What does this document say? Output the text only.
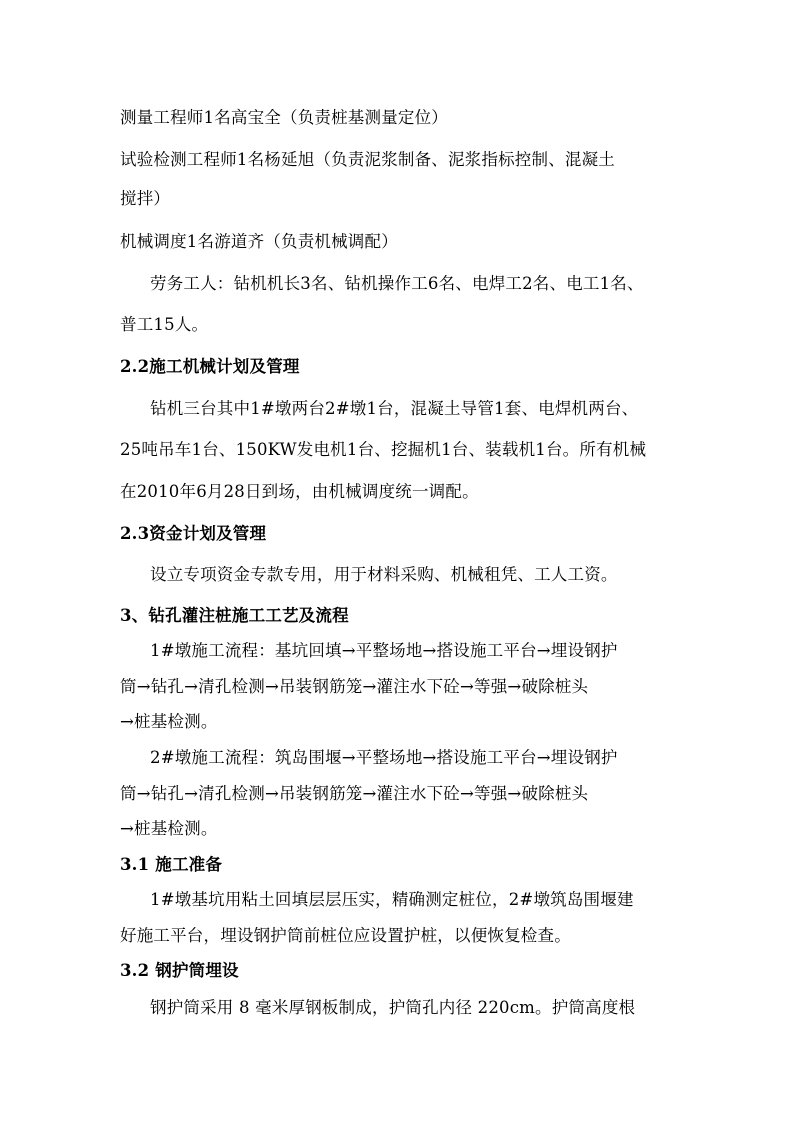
测量工程师1名高宝全（负责桩基测量定位）
试验检测工程师1名杨延旭（负责泥浆制备、泥浆指标控制、混凝土
搅拌）
机械调度1名游道齐（负责机械调配）
劳务工人：钻机机长3名、钻机操作工6名、电焊工2名、电工1名、
普工15人。
2.2施工机械计划及管理
钻机三台其中1#墩两台2#墩1台，混凝土导管1套、电焊机两台、
25吨吊车1台、150KW发电机1台、挖掘机1台、装载机1台。所有机械
在2010年6月28日到场，由机械调度统一调配。
2.3资金计划及管理
设立专项资金专款专用，用于材料采购、机械租凭、工人工资。
3、钻孔灌注桩施工工艺及流程
1#墩施工流程：基坑回填→平整场地→搭设施工平台→埋设钢护
筒→钻孔→清孔检测→吊装钢筋笼→灌注水下砼→等强→破除桩头
→桩基检测。
2#墩施工流程：筑岛围堰→平整场地→搭设施工平台→埋设钢护
筒→钻孔→清孔检测→吊装钢筋笼→灌注水下砼→等强→破除桩头
→桩基检测。
3.1 施工准备
1#墩基坑用粘土回填层层压实，精确测定桩位，2#墩筑岛围堰建
好施工平台，埋设钢护筒前桩位应设置护桩，以便恢复检查。
3.2 钢护筒埋设
钢护筒采用 8 毫米厚钢板制成，护筒孔内径 220cm。护筒高度根
